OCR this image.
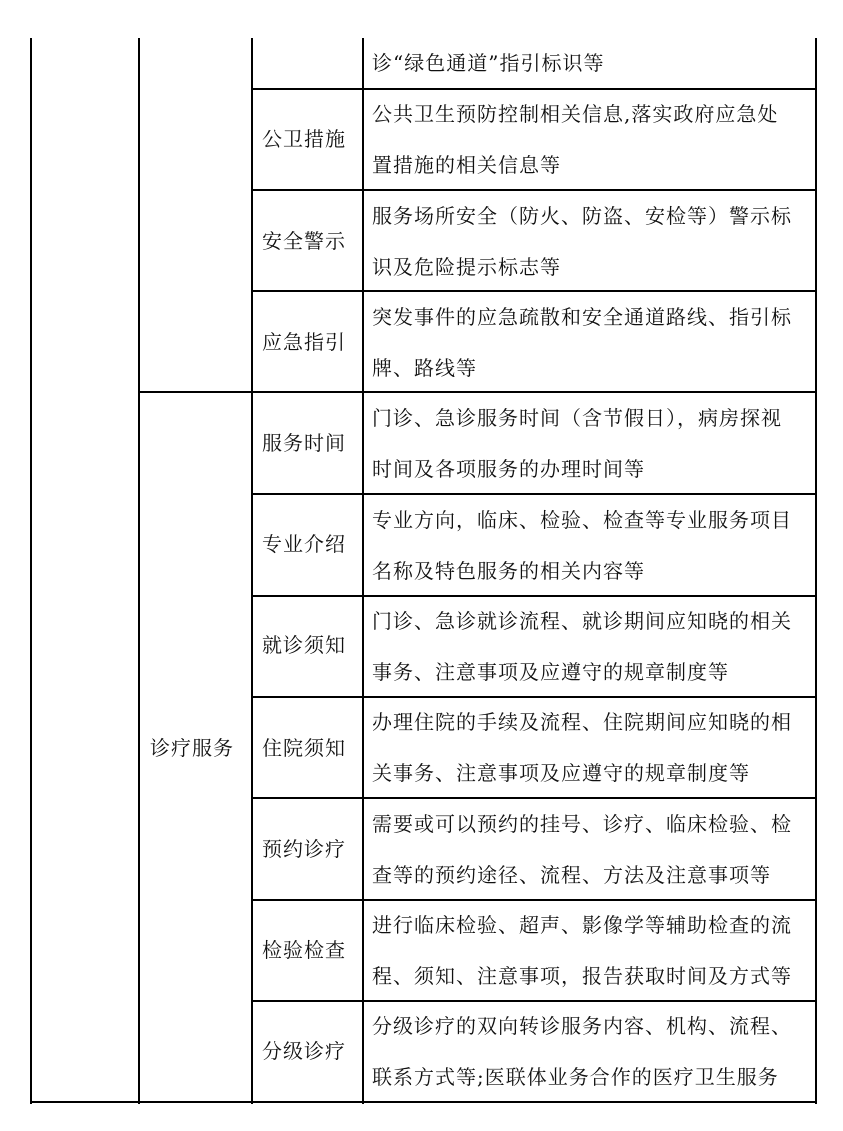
诊疗服务
诊“绿色通道”指引标识等
公卫措施
公共卫生预防控制相关信息,落实政府应急处
置措施的相关信息等
安全警示
服务场所安全（防火、防盗、安检等）警示标
识及危险提示标志等
应急指引
突发事件的应急疏散和安全通道路线、指引标
牌、路线等
服务时间
门诊、急诊服务时间（含节假日），病房探视
时间及各项服务的办理时间等
专业介绍
专业方向，临床、检验、检查等专业服务项目
名称及特色服务的相关内容等
就诊须知
门诊、急诊就诊流程、就诊期间应知晓的相关
事务、注意事项及应遵守的规章制度等
住院须知
办理住院的手续及流程、住院期间应知晓的相
关事务、注意事项及应遵守的规章制度等
预约诊疗
需要或可以预约的挂号、诊疗、临床检验、检
查等的预约途径、流程、方法及注意事项等
检验检查
进行临床检验、超声、影像学等辅助检查的流
程、须知、注意事项，报告获取时间及方式等
分级诊疗
分级诊疗的双向转诊服务内容、机构、流程、
联系方式等;医联体业务合作的医疗卫生服务
